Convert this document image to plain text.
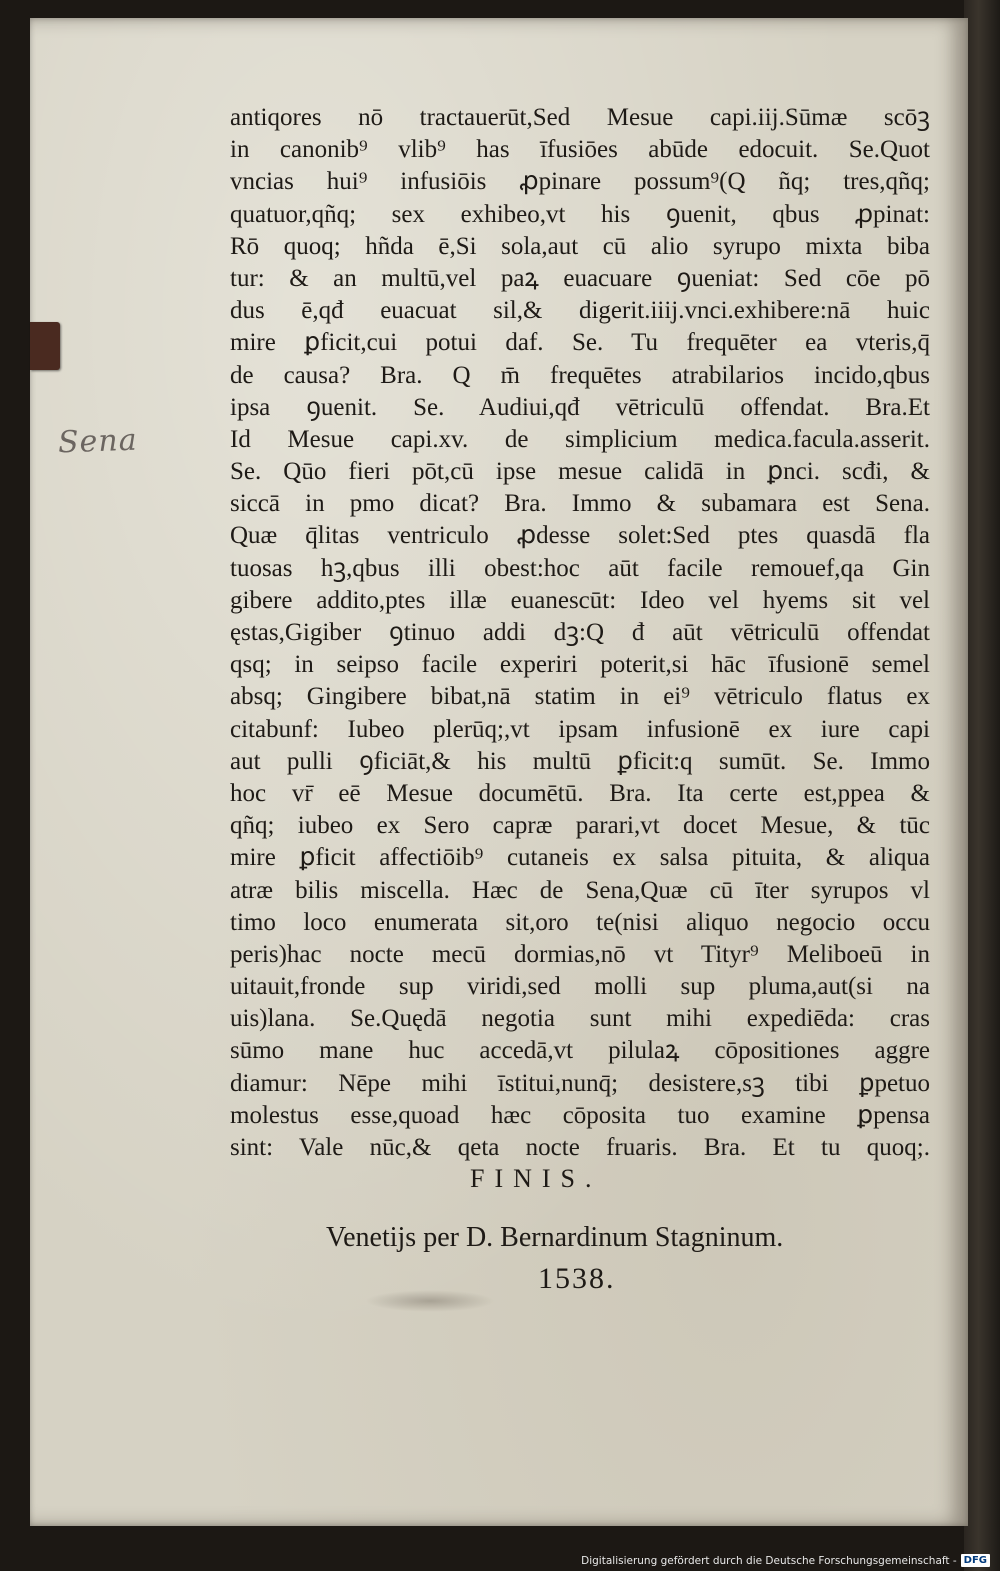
Sena
antiqores nō tractauerūt,Sed Mesue capi.iij.Sūmæ scōꝫ
in canonib⁹ vlib⁹ has īfusiōes abūde edocuit. Se.Quot
vncias hui⁹ infusiōis ꝓpinare possum⁹(Q ñq; tres,qñq;
quatuor,qñq; sex exhibeo,vt his ꝯuenit, qbus ꝓpinat:
Rō quoq; hñda ē,Si sola,aut cū alio syrupo mixta biba
tur: & an multū,vel paꝝ euacuare ꝯueniat: Sed cōe pō
dus ē,qđ euacuat sil,& digerit.iiij.vnci.exhibere:nā huic
mire ꝑficit,cui potui daf. Se. Tu frequēter ea vteris,q̄
de causa? Bra. Q m̄ frequētes atrabilarios incido,qbus
ipsa ꝯuenit. Se. Audiui,qđ vētriculū offendat. Bra.Et
Id Mesue capi.xv. de simplicium medica.facula.asserit.
Se. Qūo fieri pōt,cū ipse mesue calidā in ꝑnci. scđi, &
siccā in pmo dicat? Bra. Immo & subamara est Sena.
Quæ q̄litas ventriculo ꝓdesse solet:Sed ptes quasdā fla
tuosas hꝫ,qbus illi obest:hoc aūt facile remouef,qa Gin
gibere addito,ptes illæ euanescūt: Ideo vel hyems sit vel
ęstas,Gigiber ꝯtinuo addi dꝫ:Q đ aūt vētriculū offendat
qsq; in seipso facile experiri poterit,si hāc īfusionē semel
absq; Gingibere bibat,nā statim in ei⁹ vētriculo flatus ex
citabunf: Iubeo plerūq;,vt ipsam infusionē ex iure capi
aut pulli ꝯficiāt,& his multū ꝑficit:q sumūt. Se. Immo
hoc vr̄ eē Mesue documētū. Bra. Ita certe est,ppea &
qñq; iubeo ex Sero capræ parari,vt docet Mesue, & tūc
mire ꝑficit affectiōib⁹ cutaneis ex salsa pituita, & aliqua
atræ bilis miscella. Hæc de Sena,Quæ cū īter syrupos vl
timo loco enumerata sit,oro te(nisi aliquo negocio occu
peris)hac nocte mecū dormias,nō vt Tityr⁹ Meliboeū in
uitauit,fronde sup viridi,sed molli sup pluma,aut(si na
uis)lana. Se.Quędā negotia sunt mihi expediēda: cras
sūmo mane huc accedā,vt pilulaꝝ cōpositiones aggre
diamur: Nēpe mihi īstitui,nunq̄; desistere,sꝫ tibi ꝑpetuo
molestus esse,quoad hæc cōposita tuo examine ꝑpensa
sint: Vale nūc,& qeta nocte fruaris. Bra. Et tu quoq;.
FINIS.
Venetijs per D. Bernardinum Stagninum.
1538.
Digitalisierung gefördert durch die Deutsche Forschungsgemeinschaft - DFG
